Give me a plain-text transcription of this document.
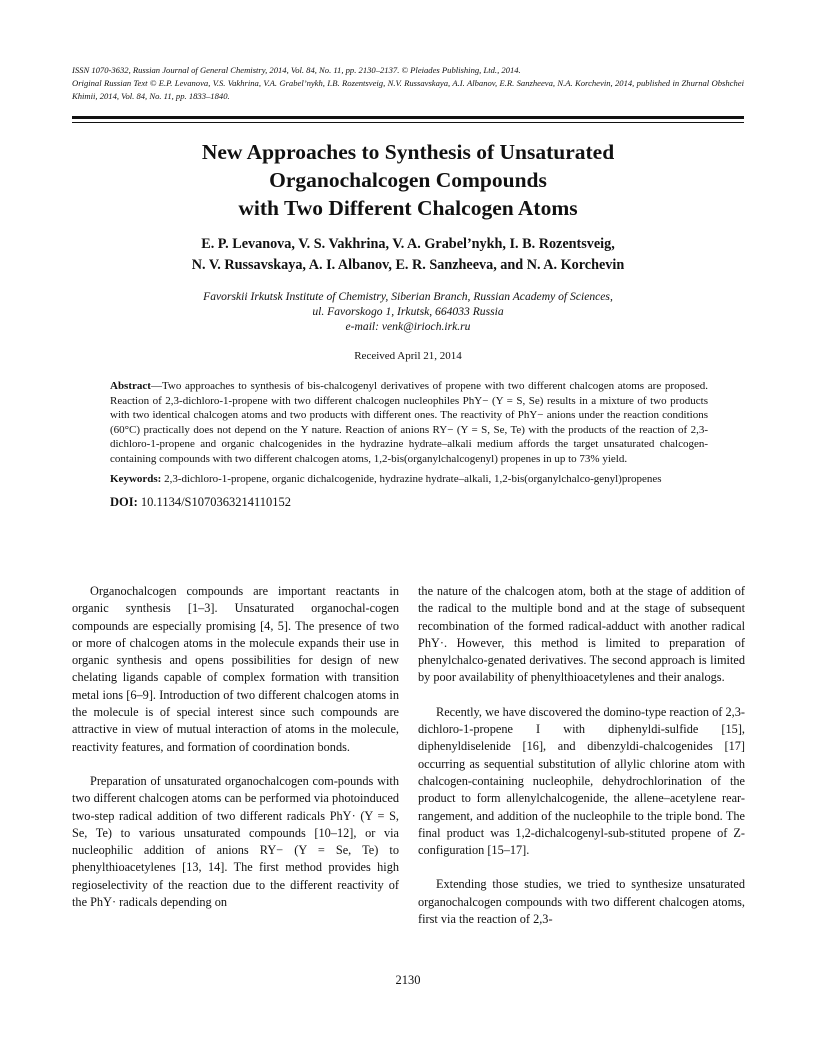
ISSN 1070-3632, Russian Journal of General Chemistry, 2014, Vol. 84, No. 11, pp. 2130–2137. © Pleiades Publishing, Ltd., 2014.

Original Russian Text © E.P. Levanova, V.S. Vakhrina, V.A. Grabel’nykh, I.B. Rozentsveig, N.V. Russavskaya, A.I. Albanov, E.R. Sanzheeva, N.A. Korchevin, 2014, published in Zhurnal Obshchei Khimii, 2014, Vol. 84, No. 11, pp. 1833–1840.

New Approaches to Synthesis of Unsaturated
Organochalcogen Compounds
with Two Different Chalcogen Atoms
E. P. Levanova, V. S. Vakhrina, V. A. Grabel’nykh, I. B. Rozentsveig,
N. V. Russavskaya, A. I. Albanov, E. R. Sanzheeva, and N. A. Korchevin
Favorskii Irkutsk Institute of Chemistry, Siberian Branch, Russian Academy of Sciences,
ul. Favorskogo 1, Irkutsk, 664033 Russia
e-mail: venk@irioch.irk.ru
Received April 21, 2014

Abstract—Two approaches to synthesis of bis-chalcogenyl derivatives of propene with two different chalcogen atoms are proposed. Reaction of 2,3-dichloro-1-propene with two different chalcogen nucleophiles PhY− (Y = S, Se) results in a mixture of two products with two identical chalcogen atoms and two products with different ones. The reactivity of PhY− anions under the reaction conditions (60°C) practically does not depend on the Y nature. Reaction of anions RY− (Y = S, Se, Te) with the products of the reaction of 2,3-dichloro-1-propene and organic chalcogenides in the hydrazine hydrate–alkali medium affords the target unsaturated chalcogen-containing compounds with two different chalcogen atoms, 1,2-bis(organylchalcogenyl) propenes in up to 73% yield.

Keywords: 2,3-dichloro-1-propene, organic dichalcogenide, hydrazine hydrate–alkali, 1,2-bis(organylchalco-genyl)propenes

DOI: 10.1134/S1070363214110152

Organochalcogen compounds are important reactants in organic synthesis [1–3]. Unsaturated organochal-cogen compounds are especially promising [4, 5]. The presence of two or more of chalcogen atoms in the molecule expands their use in organic synthesis and opens possibilities for design of new chelating ligands capable of complex formation with transition metal ions [6–9]. Introduction of two different chalcogen atoms in the molecule is of special interest since such compounds are attractive in view of mutual interaction of atoms in the molecule, reactivity features, and formation of coordination bonds.

Preparation of unsaturated organochalcogen com-pounds with two different chalcogen atoms can be performed via photoinduced two-step radical addition of two different radicals PhY· (Y = S, Se, Te) to various unsaturated compounds [10–12], or via nucleophilic addition of anions RY− (Y = Se, Te) to phenylthioacetylenes [13, 14]. The first method provides high regioselectivity of the reaction due to the different reactivity of the PhY· radicals depending on

the nature of the chalcogen atom, both at the stage of addition of the radical to the multiple bond and at the stage of subsequent recombination of the formed radical-adduct with another radical PhY·. However, this method is limited to preparation of phenylchalco-genated derivatives. The second approach is limited by poor availability of phenylthioacetylenes and their analogs.

Recently, we have discovered the domino-type reaction of 2,3-dichloro-1-propene I with diphenyldi-sulfide [15], diphenyldiselenide [16], and dibenzyldi-chalcogenides [17] occurring as sequential substitution of allylic chlorine atom with chalcogen-containing nucleophile, dehydrochlorination of the product to form allenylchalcogenide, the allene–acetylene rear-rangement, and addition of the nucleophile to the triple bond. The final product was 1,2-dichalcogenyl-sub-stituted propene of Z-configuration [15–17].

Extending those studies, we tried to synthesize unsaturated organochalcogen compounds with two different chalcogen atoms, first via the reaction of 2,3-

2130
